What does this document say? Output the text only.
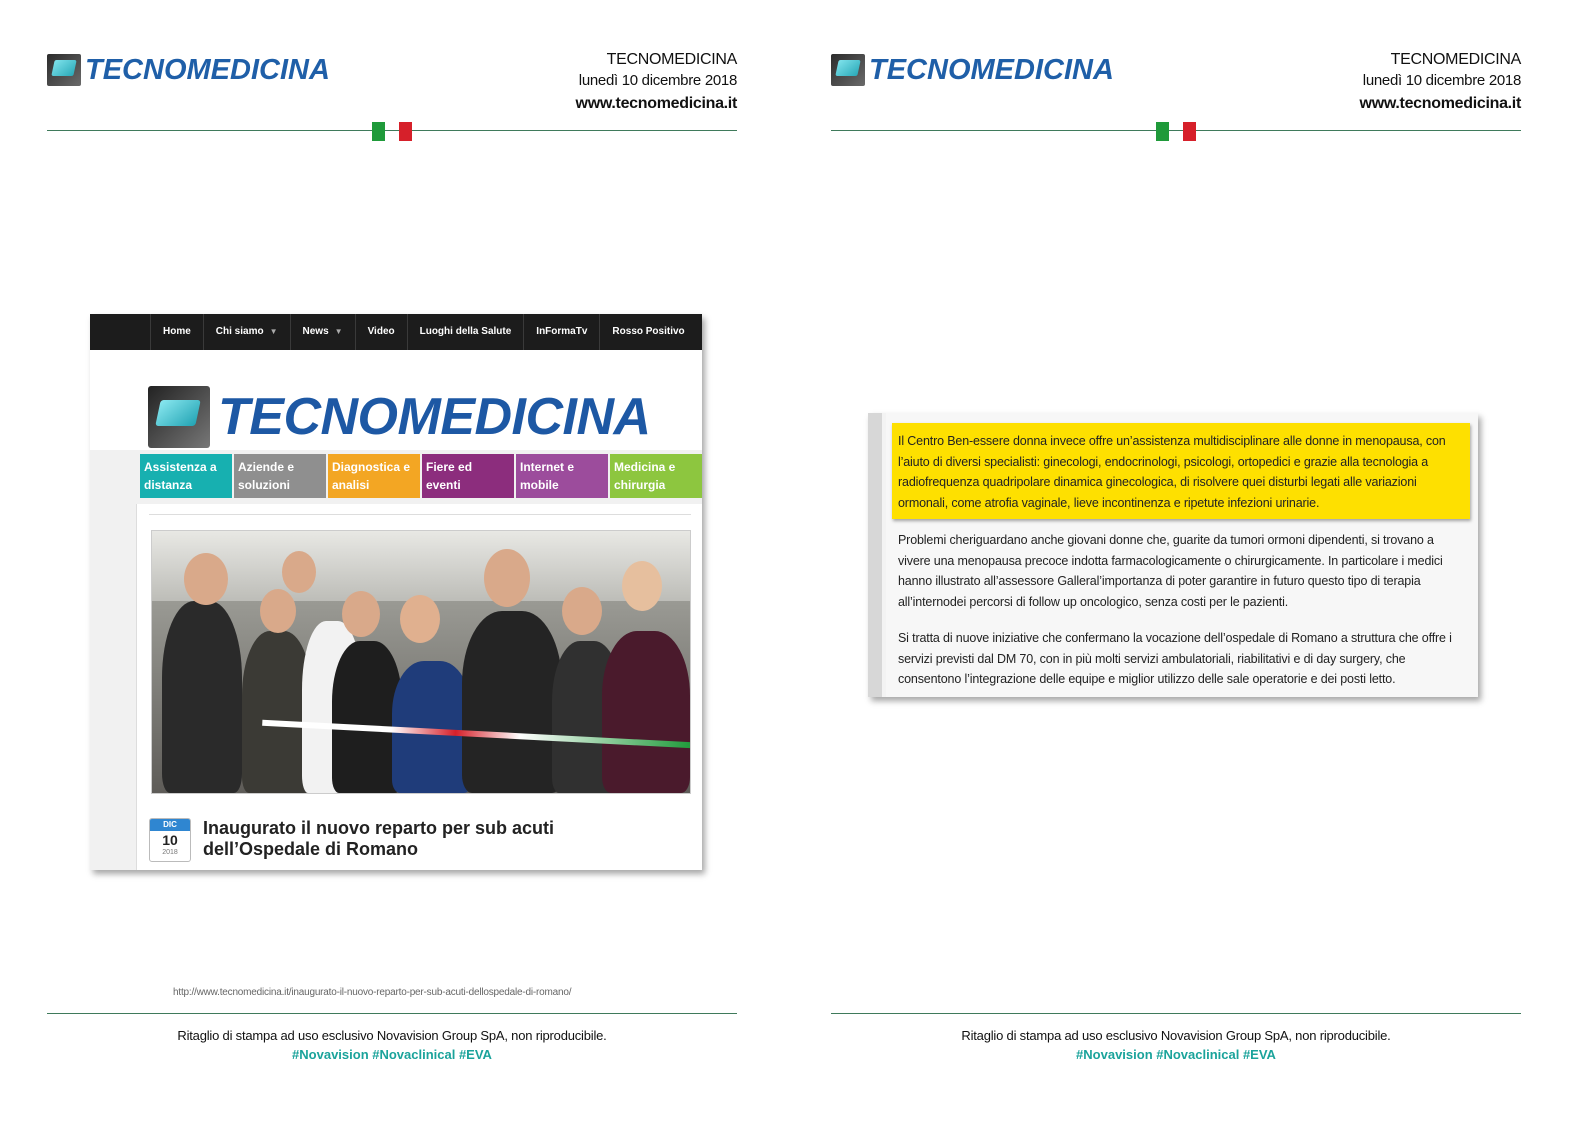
TECNOMEDICINA	TECNOMEDICINA
lunedì 10 dicembre 2018
www.tecnomedicina.it
Home	Chi siamo ▼	News ▼	Video	Luoghi della Salute	InFormaTv	Rosso Positivo
TECNOMEDICINA
Assistenza a
distanza
Aziende e
soluzioni
Diagnostica e
analisi
Fiere ed
eventi
Internet e
mobile
Medicina e
chirurgia
DIC
10
2018
Inaugurato il nuovo reparto per sub acuti dell’Ospedale di Romano
http://www.tecnomedicina.it/inaugurato-il-nuovo-reparto-per-sub-acuti-dellospedale-di-romano/
Ritaglio di stampa ad uso esclusivo Novavision Group SpA, non riproducibile.
#Novavision #Novaclinical #EVA
TECNOMEDICINA	TECNOMEDICINA
lunedì 10 dicembre 2018
www.tecnomedicina.it
Il Centro Ben-essere donna invece offre un’assistenza multidisciplinare alle donne in menopausa, con l’aiuto di diversi specialisti: ginecologi, endocrinologi, psicologi, ortopedici e grazie alla tecnologia a radiofrequenza quadripolare dinamica ginecologica, di risolvere quei disturbi legati alle variazioni ormonali, come atrofia vaginale, lieve incontinenza e ripetute infezioni urinarie.
Problemi cheriguardano anche giovani donne che, guarite da tumori ormoni dipendenti, si trovano a vivere una menopausa precoce indotta farmacologicamente o chirurgicamente. In particolare i medici hanno illustrato all’assessore Galleral’importanza di poter garantire in futuro questo tipo di terapia all’internodei percorsi di follow up oncologico, senza costi per le pazienti.
Si tratta di nuove iniziative che confermano la vocazione dell’ospedale di Romano a struttura che offre i servizi previsti dal DM 70, con in più molti servizi ambulatoriali, riabilitativi e di day surgery, che consentono l’integrazione delle equipe e miglior utilizzo delle sale operatorie e dei posti letto.
Ritaglio di stampa ad uso esclusivo Novavision Group SpA, non riproducibile.
#Novavision #Novaclinical #EVA
